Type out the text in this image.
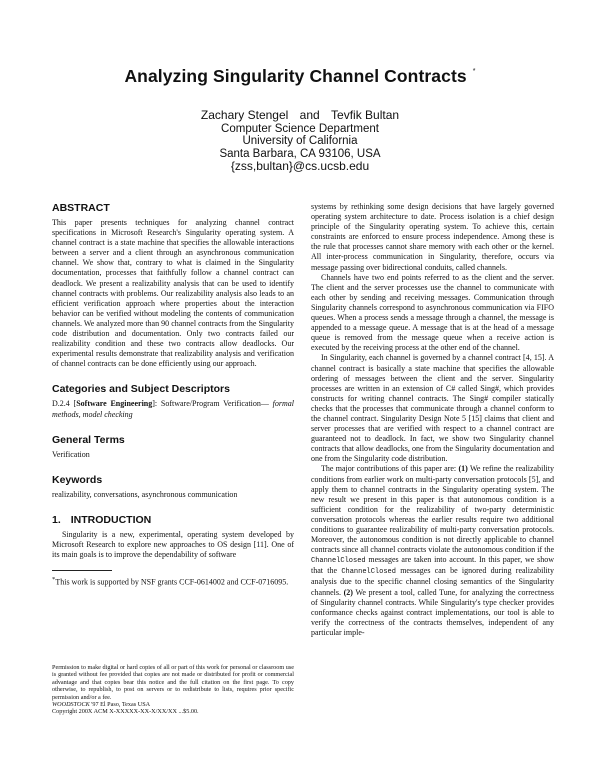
Analyzing Singularity Channel Contracts *
Zachary Stengel and Tevfik Bultan
Computer Science Department
University of California
Santa Barbara, CA 93106, USA
{zss,bultan}@cs.ucsb.edu
ABSTRACT

This paper presents techniques for analyzing channel contract specifications in Microsoft Research's Singularity operating system. A channel contract is a state machine that specifies the allowable interactions between a server and a client through an asynchronous communication channel. We show that, contrary to what is claimed in the Singularity documentation, processes that faithfully follow a channel contract can deadlock. We present a realizability analysis that can be used to identify channel contracts with problems. Our realizability analysis also leads to an efficient verification approach where properties about the interaction behavior can be verified without modeling the contents of communication channels. We analyzed more than 90 channel contracts from the Singularity code distribution and documentation. Only two contracts failed our realizability condition and these two contracts allow deadlocks. Our experimental results demonstrate that realizability analysis and verification of channel contracts can be done efficiently using our approach.

Categories and Subject Descriptors

D.2.4 [Software Engineering]: Software/Program Verification— formal methods, model checking

General Terms

Verification

Keywords

realizability, conversations, asynchronous communication

1. INTRODUCTION

Singularity is a new, experimental, operating system developed by Microsoft Research to explore new approaches to OS design [11]. One of its main goals is to improve the dependability of software

*This work is supported by NSF grants CCF-0614002 and CCF-0716095.

Permission to make digital or hard copies of all or part of this work for personal or classroom use is granted without fee provided that copies are not made or distributed for profit or commercial advantage and that copies bear this notice and the full citation on the first page. To copy otherwise, to republish, to post on servers or to redistribute to lists, requires prior specific permission and/or a fee.

WOODSTOCK '97 El Paso, Texas USA

Copyright 200X ACM X-XXXXX-XX-X/XX/XX ...$5.00.

systems by rethinking some design decisions that have largely governed operating system architecture to date. Process isolation is a chief design principle of the Singularity operating system. To achieve this, certain constraints are enforced to ensure process independence. Among these is the rule that processes cannot share memory with each other or the kernel. All inter-process communication in Singularity, therefore, occurs via message passing over bidirectional conduits, called channels.

Channels have two end points referred to as the client and the server. The client and the server processes use the channel to communicate with each other by sending and receiving messages. Communication through Singularity channels correspond to asynchronous communication via FIFO queues. When a process sends a message through a channel, the message is appended to a message queue. A message that is at the head of a message queue is removed from the message queue when a receive action is executed by the receiving process at the other end of the channel.

In Singularity, each channel is governed by a channel contract [4, 15]. A channel contract is basically a state machine that specifies the allowable ordering of messages between the client and the server. Singularity processes are written in an extension of C# called Sing#, which provides constructs for writing channel contracts. The Sing# compiler statically checks that the processes that communicate through a channel conform to the channel contract. Singularity Design Note 5 [15] claims that client and server processes that are verified with respect to a channel contract are guaranteed not to deadlock. In fact, we show two Singularity channel contracts that allow deadlocks, one from the Singularity documentation and one from the Singularity code distribution.

The major contributions of this paper are: (1) We refine the realizability conditions from earlier work on multi-party conversation protocols [5], and apply them to channel contracts in the Singularity operating system. The new result we present in this paper is that autonomous condition is a sufficient condition for the realizability of two-party deterministic conversation protocols whereas the earlier results require two additional conditions to guarantee realizability of multi-party conversation protocols. Moreover, the autonomous condition is not directly applicable to channel contracts since all channel contracts violate the autonomous condition if the ChannelClosed messages are taken into account. In this paper, we show that the ChannelClosed messages can be ignored during realizability analysis due to the specific channel closing semantics of the Singularity channels. (2) We present a tool, called Tune, for analyzing the correctness of Singularity channel contracts. While Singularity's type checker provides conformance checks against contract implementations, our tool is able to verify the correctness of the contracts themselves, independent of any particular imple-
